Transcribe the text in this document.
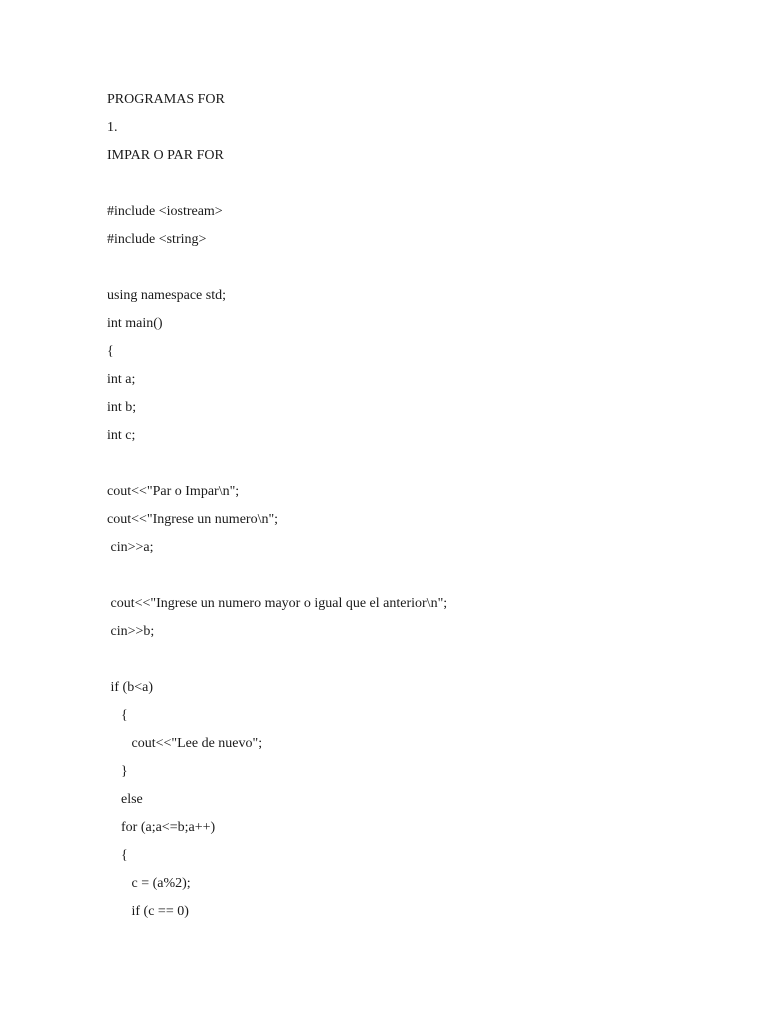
PROGRAMAS FOR

1.

IMPAR O PAR FOR

#include <iostream>

#include <string>

using namespace std;

int main()

{

int a;

int b;

int c;

cout<<"Par o Impar\n";

cout<<"Ingrese un numero\n";

cin>>a;

cout<<"Ingrese un numero mayor o igual que el anterior\n";

cin>>b;

if (b<a)

{

cout<<"Lee de nuevo";

}

else

for (a;a<=b;a++)

{

c = (a%2);

if (c == 0)
